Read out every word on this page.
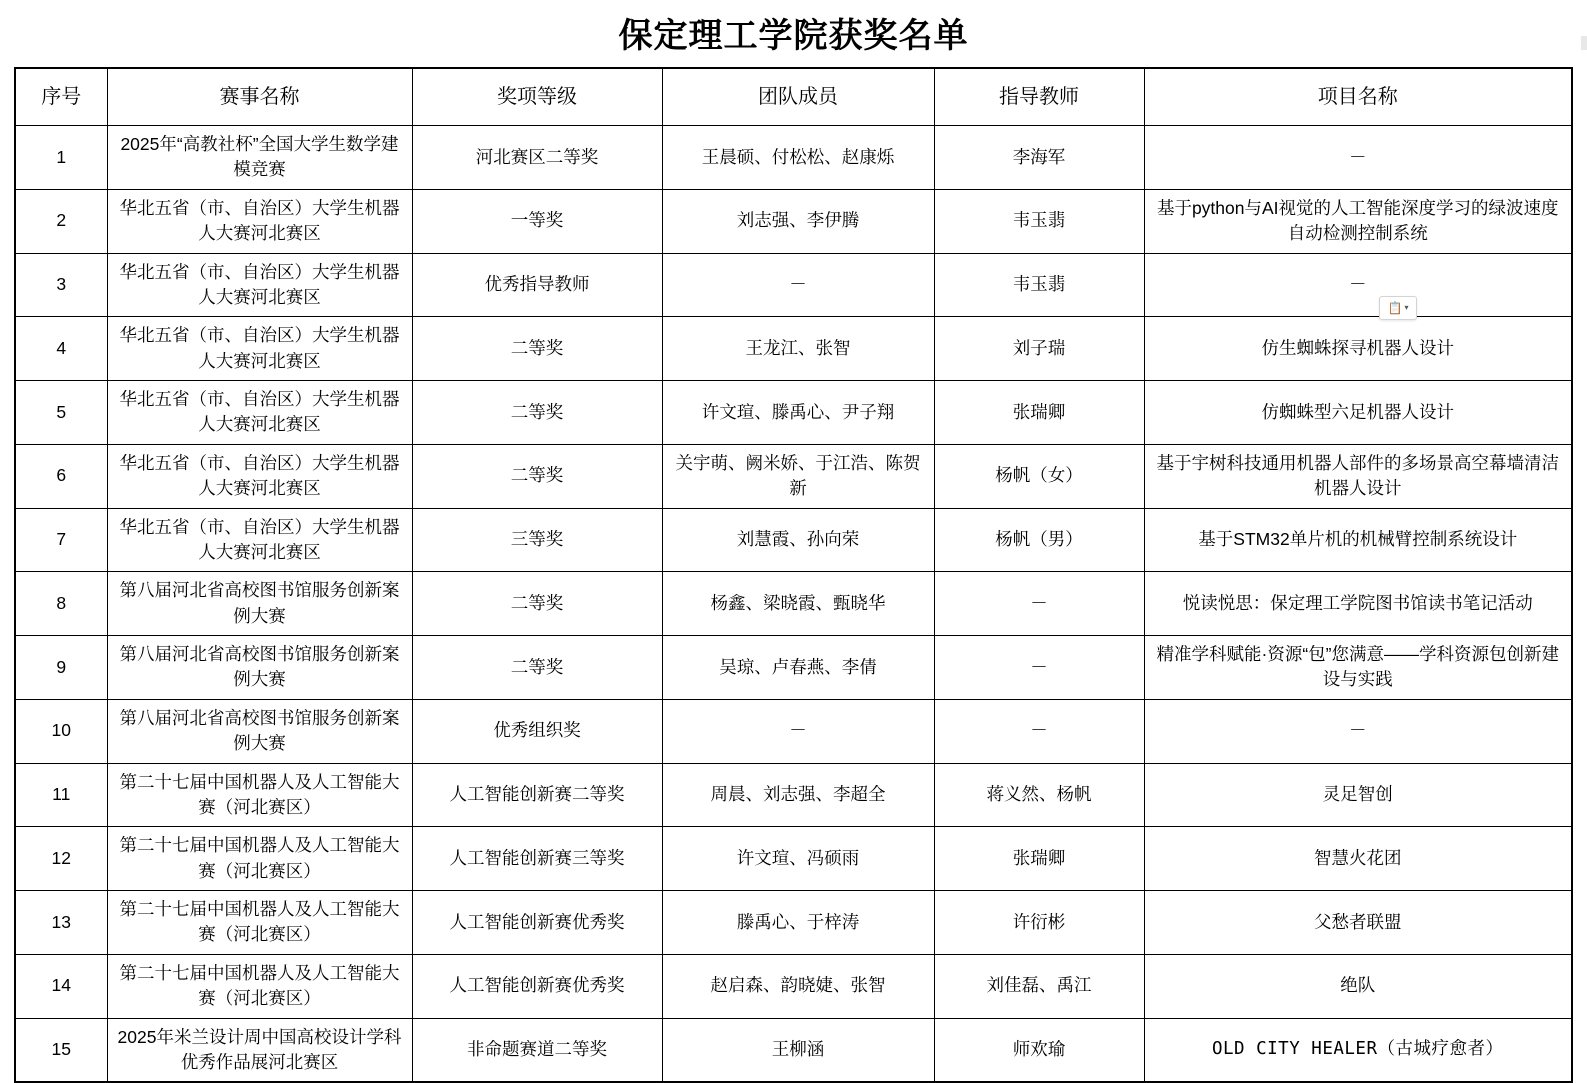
保定理工学院获奖名单
序号	赛事名称	奖项等级	团队成员	指导教师	项目名称
1	2025年“高教社杯”全国大学生数学建模竞赛	河北赛区二等奖	王晨硕、付松松、赵康烁	李海军	－
2	华北五省（市、自治区）大学生机器人大赛河北赛区	一等奖	刘志强、李伊腾	韦玉翡	基于python与AI视觉的人工智能深度学习的绿波速度自动检测控制系统
3	华北五省（市、自治区）大学生机器人大赛河北赛区	优秀指导教师	－	韦玉翡	－
4	华北五省（市、自治区）大学生机器人大赛河北赛区	二等奖	王龙江、张智	刘子瑞	仿生蜘蛛探寻机器人设计
5	华北五省（市、自治区）大学生机器人大赛河北赛区	二等奖	许文瑄、滕禹心、尹子翔	张瑞卿	仿蜘蛛型六足机器人设计
6	华北五省（市、自治区）大学生机器人大赛河北赛区	二等奖	关宇萌、阙米娇、于江浩、陈贺新	杨帆（女）	基于宇树科技通用机器人部件的多场景高空幕墙清洁机器人设计
7	华北五省（市、自治区）大学生机器人大赛河北赛区	三等奖	刘慧霞、孙向荣	杨帆（男）	基于STM32单片机的机械臂控制系统设计
8	第八届河北省高校图书馆服务创新案例大赛	二等奖	杨鑫、梁晓霞、甄晓华	－	悦读悦思：保定理工学院图书馆读书笔记活动
9	第八届河北省高校图书馆服务创新案例大赛	二等奖	吴琼、卢春燕、李倩	－	精准学科赋能·资源“包”您满意——学科资源包创新建设与实践
10	第八届河北省高校图书馆服务创新案例大赛	优秀组织奖	－	－	－
11	第二十七届中国机器人及人工智能大赛（河北赛区）	人工智能创新赛二等奖	周晨、刘志强、李超全	蒋义然、杨帆	灵足智创
12	第二十七届中国机器人及人工智能大赛（河北赛区）	人工智能创新赛三等奖	许文瑄、冯硕雨	张瑞卿	智慧火花团
13	第二十七届中国机器人及人工智能大赛（河北赛区）	人工智能创新赛优秀奖	滕禹心、于梓涛	许衍彬	父愁者联盟
14	第二十七届中国机器人及人工智能大赛（河北赛区）	人工智能创新赛优秀奖	赵启森、韵晓婕、张智	刘佳磊、禹江	绝队
15	2025年米兰设计周中国高校设计学科优秀作品展河北赛区	非命题赛道二等奖	王柳涵	师欢瑜	OLD CITY HEALER（古城疗愈者）
📋 ▾
